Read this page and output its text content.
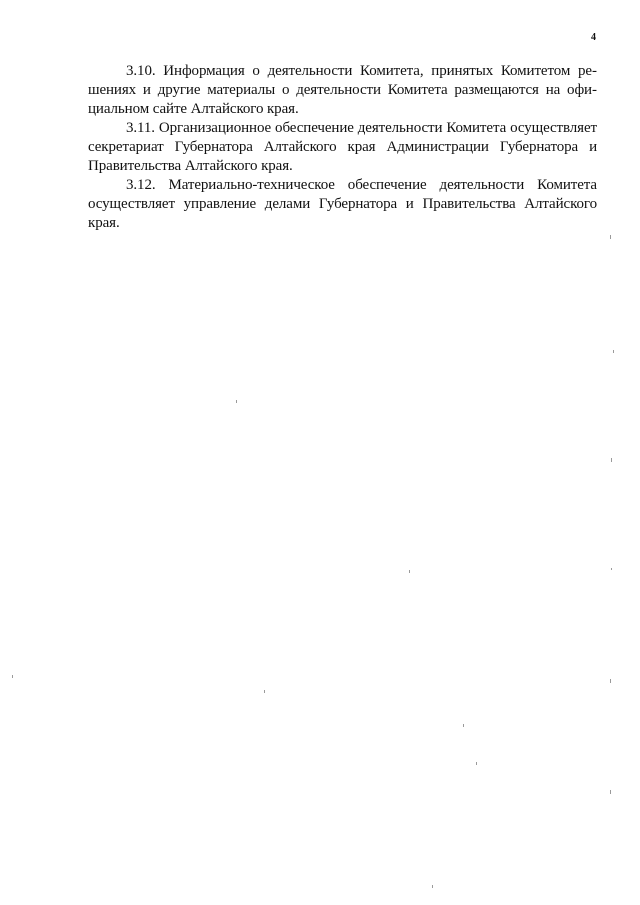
4

3.10. Информация о деятельности Комитета, принятых Комитетом решениях и другие материалы о деятельности Комитета размещаются на официальном сайте Алтайского края.

3.11. Организационное обеспечение деятельности Комитета осуществляет секретариат Губернатора Алтайского края Администрации Губернатора и Правительства Алтайского края.

3.12. Материально-техническое обеспечение деятельности Комитета осуществляет управление делами Губернатора и Правительства Алтайского края.
